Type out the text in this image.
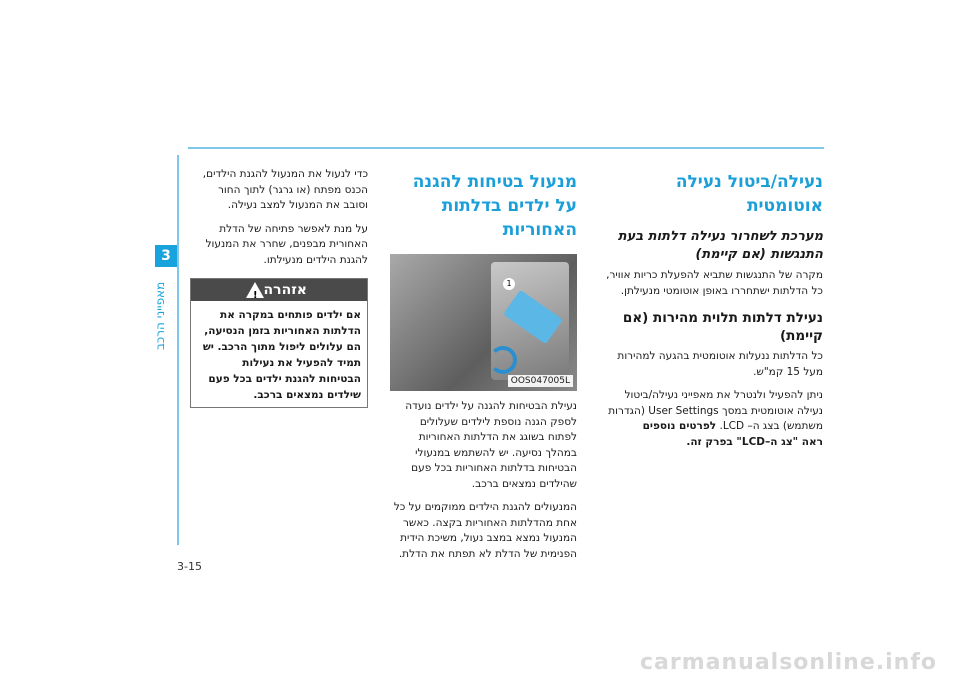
3
מאפייני הרכב
נעילה/ביטול נעילה אוטומטית
מערכת לשחרור נעילה דלתות בעת התנגשות (אם קיימת)

מקרה של התנגשות שתביא להפעלת כריות אוויר, כל הדלתות ישתחררו באופן אוטומטי מנעילתן.

נעילת דלתות תלוית מהירות (אם קיימת)

כל הדלתות ננעלות אוטומטית בהגעה למהירות מעל 15 קמ"ש.

ניתן להפעיל ולנטרל את מאפייני נעילה/ביטול נעילה אוטומטית במסך User Settings (הגדרות משתמש) בצג ה– LCD. לפרטים נוספים
ראה "צג ה–LCD" בפרק זה.

מנעול בטיחות להגנה על ילדים בדלתות האחוריות
1
OOS047005L

נעילת הבטיחות להגנה על ילדים נועדה לספק הגנה נוספת לילדים שעלולים לפתוח בשוגג את הדלתות האחוריות במהלך נסיעה. יש להשתמש במנעולי הבטיחות בדלתות האחוריות בכל פעם שהילדים נמצאים ברכב.

המנעולים להגנת הילדים ממוקמים על כל אחת מהדלתות האחוריות בקצה. כאשר המנעול נמצא במצב נעול, משיכת הידית הפנימית של הדלת לא תפתח את הדלת.

כדי לנעול את המנעול להגנת הילדים, הכנס מפתח (או גרגר) לתוך החור וסובב את המנעול למצב נעילה.

על מנת לאפשר פתיחה של הדלת האחורית מבפנים, שחרר את המנעול להגנת הילדים מנעילתו.

!
אזהרה
אם ילדים פותחים במקרה את הדלתות האחוריות בזמן הנסיעה, הם עלולים ליפול מתוך הרכב. יש תמיד להפעיל את נעילות הבטיחות להגנת ילדים בכל פעם שילדים נמצאים ברכב.
3-15
carmanualsonline.info
